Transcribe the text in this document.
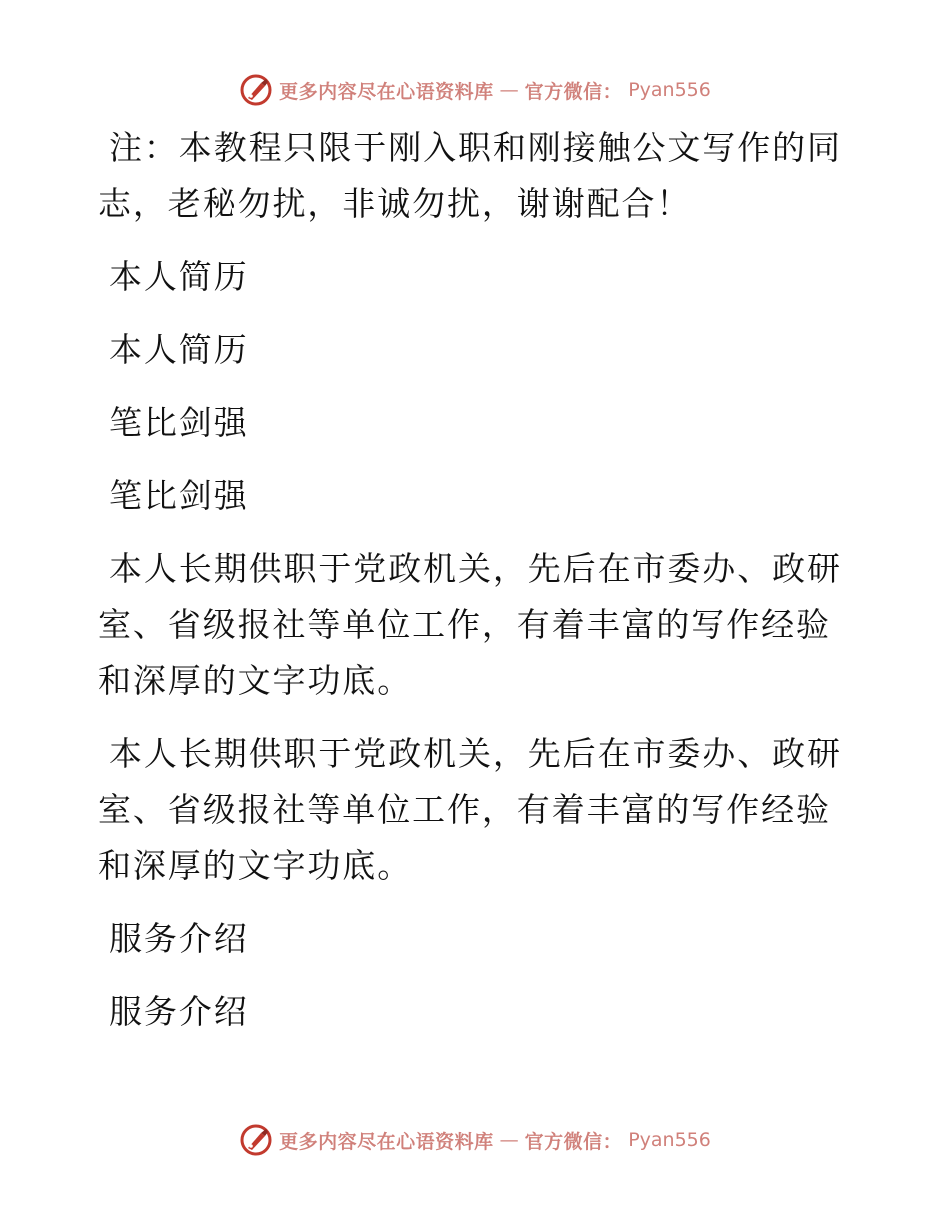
更多内容尽在心语资料库 — 官方微信： Pyan556

注：本教程只限于刚入职和刚接触公文写作的同志，老秘勿扰，非诚勿扰，谢谢配合！

本人简历

本人简历

笔比剑强

笔比剑强

本人长期供职于党政机关，先后在市委办、政研室、省级报社等单位工作，有着丰富的写作经验和深厚的文字功底。

本人长期供职于党政机关，先后在市委办、政研室、省级报社等单位工作，有着丰富的写作经验和深厚的文字功底。

服务介绍

服务介绍

更多内容尽在心语资料库 — 官方微信： Pyan556
